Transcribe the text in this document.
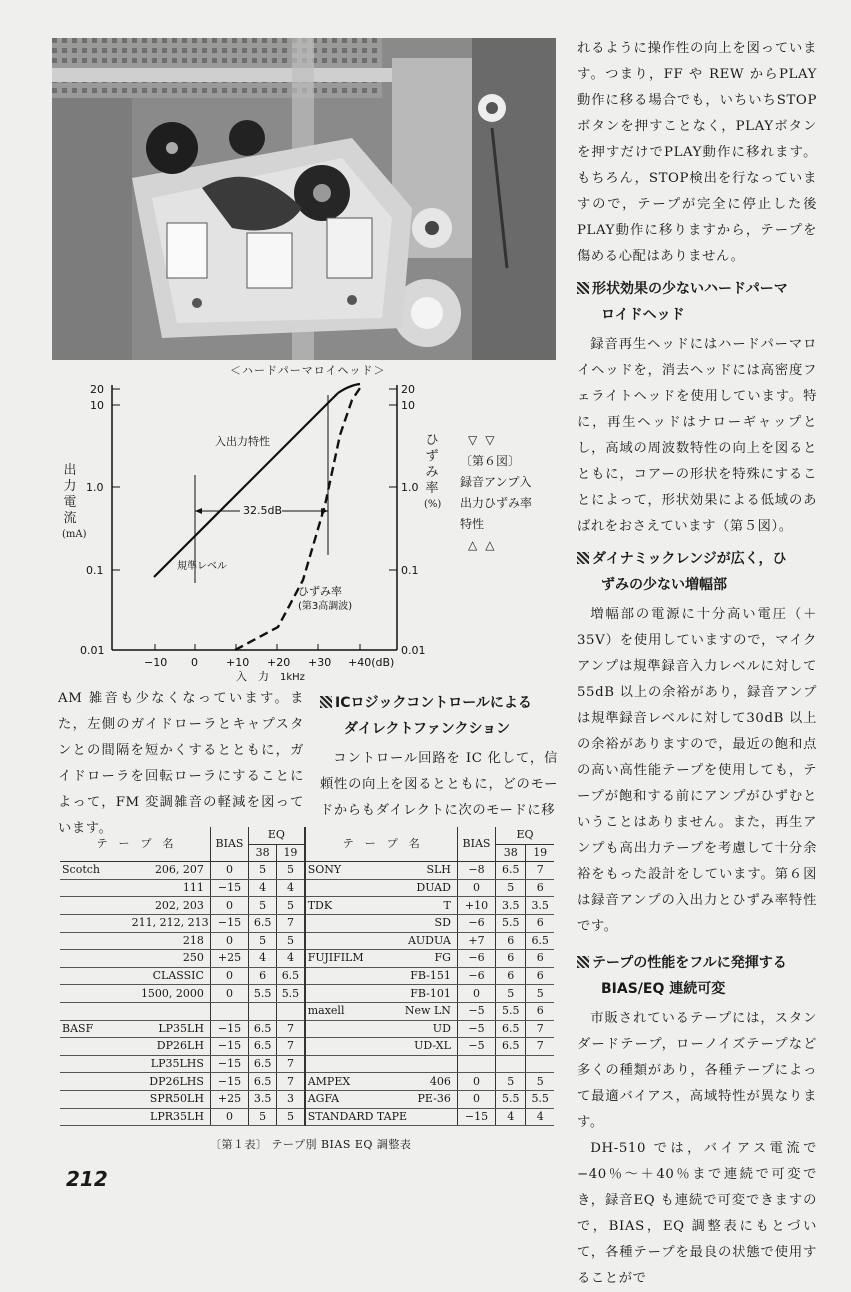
＜ハードパーマロイヘッド＞
20
10
1.0
0.1
0.01
20
10
1.0
0.1
0.01
−10 0	+10 +20 +30 +40(dB)
入　力 1kHz
32.5dB
入出力特性
規準レベル
ひずみ率
(第3高調波)
出
力
電
流
(mA)
ひ
ず
み
率
(%)
▽▽
〔第６図〕
録音アンプ入
出力ひずみ率
特性
△△
れるように操作性の向上を図っています。つまり，FF や REW からPLAY動作に移る場合でも，いちいちSTOPボタンを押すことなく，PLAYボタンを押すだけでPLAY動作に移れます。もちろん，STOP検出を行なっていますので，テープが完全に停止した後PLAY動作に移りますから，テープを傷める心配はありません。
形状効果の少ないハードパーマ
ロイドヘッド
録音再生ヘッドにはハードパーマロイヘッドを，消去ヘッドには高密度フェライトヘッドを使用しています。特に，再生ヘッドはナローギャップとし，高域の周波数特性の向上を図るとともに，コアーの形状を特殊にすることによって，形状効果による低域のあばれをおさえています（第５図）。
ダイナミックレンジが広く，ひ
ずみの少ない増幅部
増幅部の電源に十分高い電圧（＋35V）を使用していますので，マイクアンプは規準録音入力レベルに対して55dB 以上の余裕があり，録音アンプは規準録音レベルに対して30dB 以上の余裕がありますので，最近の飽和点の高い高性能テープを使用しても，テープが飽和する前にアンプがひずむということはありません。また，再生アンプも高出力テープを考慮して十分余裕をもった設計をしています。第６図は録音アンプの入出力とひずみ率特性です。
テープの性能をフルに発揮する
BIAS/EQ 連続可変
市販されているテープには，スタンダードテープ，ローノイズテープなど多くの種類があり，各種テープによって最適バイアス，高域特性が異なります。
DH-510 では，バイアス電流で−40％〜＋40％まで連続で可変でき，録音EQ も連続で可変できますので，BIAS，EQ 調整表にもとづいて，各種テープを最良の状態で使用することがで
AM 雑音も少なくなっています。また，左側のガイドローラとキャプスタンとの間隔を短かくするとともに，ガイドローラを回転ローラにすることによって，FM 変調雑音の軽減を図っています。
ICロジックコントロールによる
ダイレクトファンクション
コントロール回路を IC 化して，信頼性の向上を図るとともに，どのモードからもダイレクトに次のモードに移
テ　ー　プ　名		BIAS	EQ		テ　ー　プ　名		BIAS	EQ	
			38	19				38	19
Scotch	206, 207	0	5	5	SONY	SLH	−8	6.5	7
	111	−15	4	4		DUAD	0	5	6
	202, 203	0	5	5	TDK	T	+10	3.5	3.5
	211, 212, 213	−15	6.5	7		SD	−6	5.5	6
	218	0	5	5		AUDUA	+7	6	6.5
	250	+25	4	4	FUJIFILM	FG	−6	6	6
	CLASSIC	0	6	6.5		FB-151	−6	6	6
	1500, 2000	0	5.5	5.5		FB-101	0	5	5
					maxell	New LN	−5	5.5	6
BASF	LP35LH	−15	6.5	7		UD	−5	6.5	7
	DP26LH	−15	6.5	7		UD-XL	−5	6.5	7
	LP35LHS	−15	6.5	7					
	DP26LHS	−15	6.5	7	AMPEX	406	0	5	5
	SPR50LH	+25	3.5	3	AGFA	PE-36	0	5.5	5.5
	LPR35LH	0	5	5	STANDARD TAPE		−15	4	4
〔第１表〕 テープ別 BIAS EQ 調整表
212
